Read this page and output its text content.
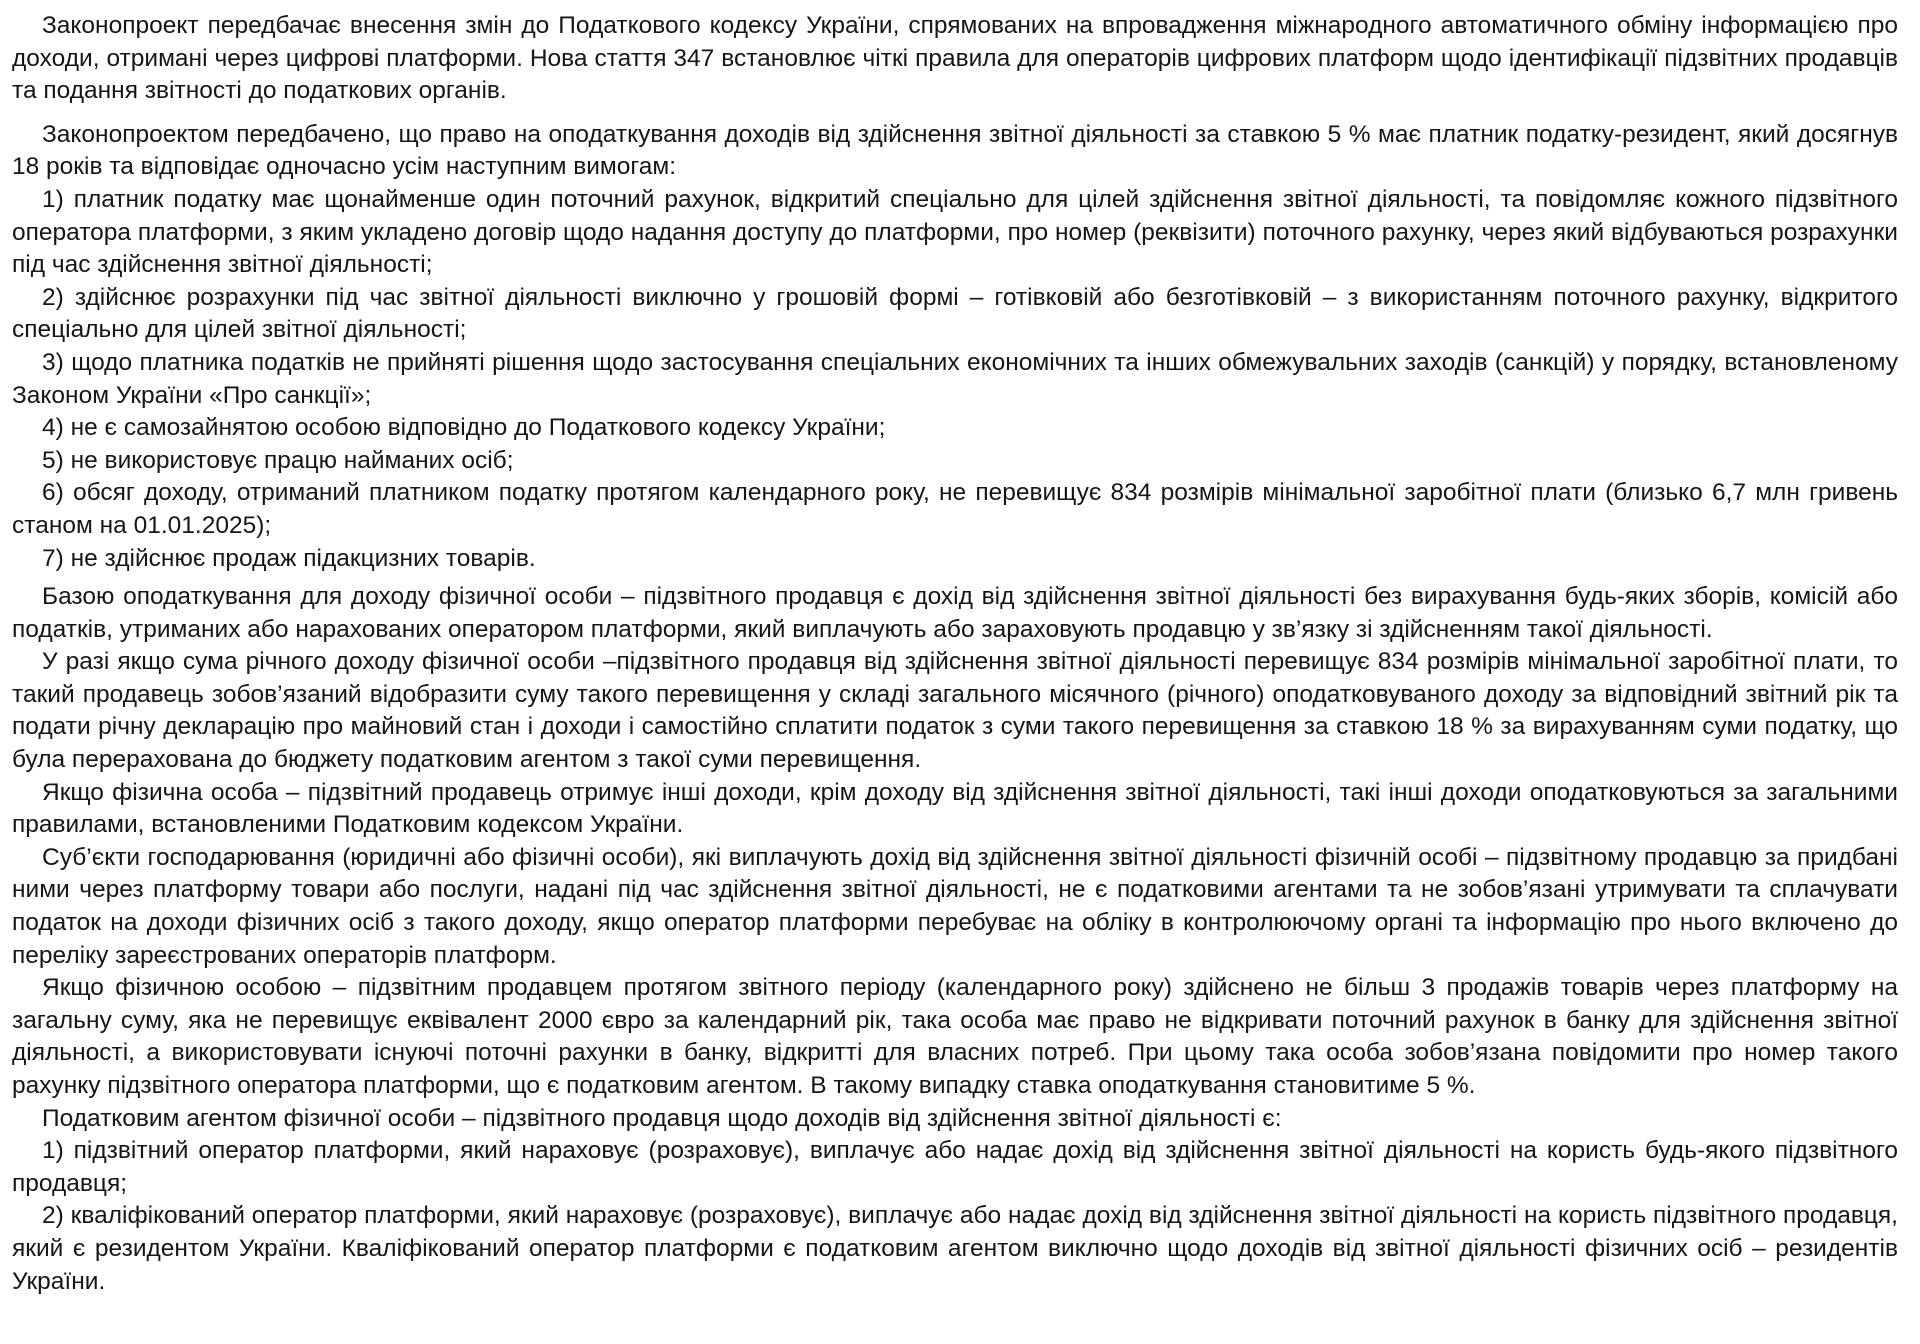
Законопроект передбачає внесення змін до Податкового кодексу України, спрямованих на впровадження міжнародного автоматичного обміну інформацією про доходи, отримані через цифрові платформи. Нова стаття 347 встановлює чіткі правила для операторів цифрових платформ щодо ідентифікації підзвітних продавців та подання звітності до податкових органів.

Законопроектом передбачено, що право на оподаткування доходів від здійснення звітної діяльності за ставкою 5 % має платник податку-резидент, який досягнув 18 років та відповідає одночасно усім наступним вимогам:

1) платник податку має щонайменше один поточний рахунок, відкритий спеціально для цілей здійснення звітної діяльності, та повідомляє кожного підзвітного оператора платформи, з яким укладено договір щодо надання доступу до платформи, про номер (реквізити) поточного рахунку, через який відбуваються розрахунки під час здійснення звітної діяльності;

2) здійснює розрахунки під час звітної діяльності виключно у грошовій формі – готівковій або безготівковій – з використанням поточного рахунку, відкритого спеціально для цілей звітної діяльності;

3) щодо платника податків не прийняті рішення щодо застосування спеціальних економічних та інших обмежувальних заходів (санкцій) у порядку, встановленому Законом України «Про санкції»;

4) не є самозайнятою особою відповідно до Податкового кодексу України;

5) не використовує працю найманих осіб;

6) обсяг доходу, отриманий платником податку протягом календарного року, не перевищує 834 розмірів мінімальної заробітної плати (близько 6,7 млн гривень станом на 01.01.2025);

7) не здійснює продаж підакцизних товарів.

Базою оподаткування для доходу фізичної особи – підзвітного продавця є дохід від здійснення звітної діяльності без вирахування будь-яких зборів, комісій або податків, утриманих або нарахованих оператором платформи, який виплачують або зараховують продавцю у зв’язку зі здійсненням такої діяльності.

У разі якщо сума річного доходу фізичної особи –підзвітного продавця від здійснення звітної діяльності перевищує 834 розмірів мінімальної заробітної плати, то такий продавець зобов’язаний відобразити суму такого перевищення у складі загального місячного (річного) оподатковуваного доходу за відповідний звітний рік та подати річну декларацію про майновий стан і доходи і самостійно сплатити податок з суми такого перевищення за ставкою 18 % за вирахуванням суми податку, що була перерахована до бюджету податковим агентом з такої суми перевищення.

Якщо фізична особа – підзвітний продавець отримує інші доходи, крім доходу від здійснення звітної діяльності, такі інші доходи оподатковуються за загальними правилами, встановленими Податковим кодексом України.

Суб’єкти господарювання (юридичні або фізичні особи), які виплачують дохід від здійснення звітної діяльності фізичній особі – підзвітному продавцю за придбані ними через платформу товари або послуги, надані під час здійснення звітної діяльності, не є податковими агентами та не зобов’язані утримувати та сплачувати податок на доходи фізичних осіб з такого доходу, якщо оператор платформи перебуває на обліку в контролюючому органі та інформацію про нього включено до переліку зареєстрованих операторів платформ.

Якщо фізичною особою – підзвітним продавцем протягом звітного періоду (календарного року) здійснено не більш 3 продажів товарів через платформу на загальну суму, яка не перевищує еквівалент 2000 євро за календарний рік, така особа має право не відкривати поточний рахунок в банку для здійснення звітної діяльності, а використовувати існуючі поточні рахунки в банку, відкритті для власних потреб. При цьому така особа зобов’язана повідомити про номер такого рахунку підзвітного оператора платформи, що є податковим агентом. В такому випадку ставка оподаткування становитиме 5 %.

Податковим агентом фізичної особи – підзвітного продавця щодо доходів від здійснення звітної діяльності є:

1) підзвітний оператор платформи, який нараховує (розраховує), виплачує або надає дохід від здійснення звітної діяльності на користь будь-якого підзвітного продавця;

2) кваліфікований оператор платформи, який нараховує (розраховує), виплачує або надає дохід від здійснення звітної діяльності на користь підзвітного продавця, який є резидентом України. Кваліфікований оператор платформи є податковим агентом виключно щодо доходів від звітної діяльності фізичних осіб – резидентів України.
